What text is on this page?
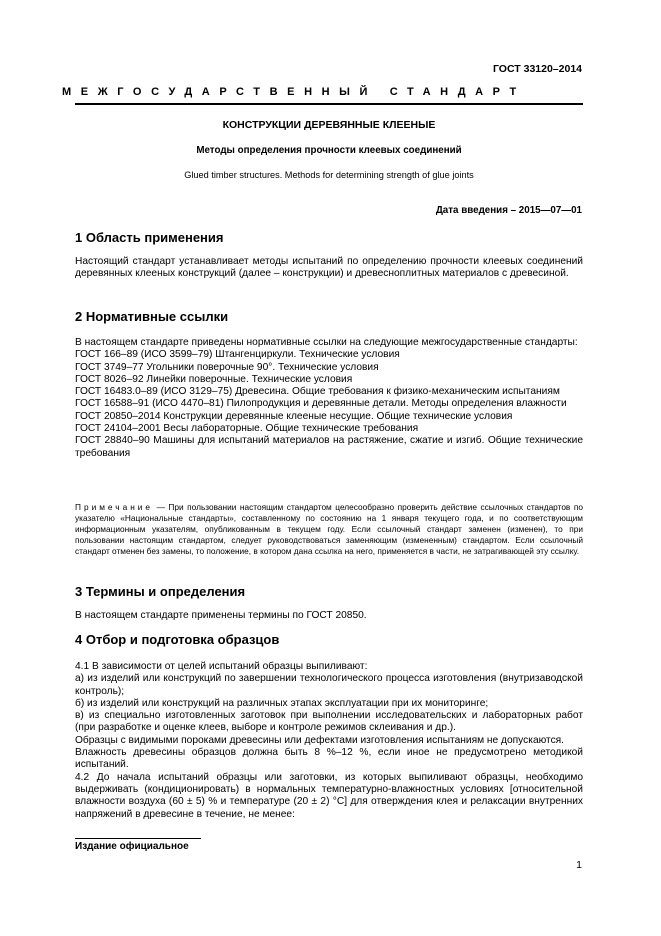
ГОСТ 33120–2014
МЕЖГОСУДАРСТВЕННЫЙ СТАНДАРТ
КОНСТРУКЦИИ ДЕРЕВЯННЫЕ КЛЕЕНЫЕ
Методы определения прочности клеевых соединений
Glued timber structures. Methods for determining strength of glue joints
Дата введения – 2015—07—01
1 Область применения

Настоящий стандарт устанавливает методы испытаний по определению прочности клеевых соединений деревянных клееных конструкций (далее – конструкции) и древесноплитных материалов с древесиной.

2 Нормативные ссылки

В настоящем стандарте приведены нормативные ссылки на следующие межгосударственные стандарты:

ГОСТ 166–89 (ИСО 3599–79) Штангенциркули. Технические условия

ГОСТ 3749–77 Угольники поверочные 90°. Технические условия

ГОСТ 8026–92 Линейки поверочные. Технические условия

ГОСТ 16483.0–89 (ИСО 3129–75) Древесина. Общие требования к физико-механическим испытаниям

ГОСТ 16588–91 (ИСО 4470–81) Пилопродукция и деревянные детали. Методы определения влажности

ГОСТ 20850–2014 Конструкции деревянные клееные несущие. Общие технические условия

ГОСТ 24104–2001 Весы лабораторные. Общие технические требования

ГОСТ 28840–90 Машины для испытаний материалов на растяжение, сжатие и изгиб. Общие технические требования

Примечание — При пользовании настоящим стандартом целесообразно проверить действие ссылочных стандартов по указателю «Национальные стандарты», составленному по состоянию на 1 января текущего года, и по соответствующим информационным указателям, опубликованным в текущем году. Если ссылочный стандарт заменен (изменен), то при пользовании настоящим стандартом, следует руководствоваться заменяющим (измененным) стандартом. Если ссылочный стандарт отменен без замены, то положение, в котором дана ссылка на него, применяется в части, не затрагивающей эту ссылку.
3 Термины и определения

В настоящем стандарте применены термины по ГОСТ 20850.

4 Отбор и подготовка образцов

4.1 В зависимости от целей испытаний образцы выпиливают:

а) из изделий или конструкций по завершении технологического процесса изготовления (внутризаводской контроль);

б) из изделий или конструкций на различных этапах эксплуатации при их мониторинге;

в) из специально изготовленных заготовок при выполнении исследовательских и лабораторных работ (при разработке и оценке клеев, выборе и контроле режимов склеивания и др.).

Образцы с видимыми пороками древесины или дефектами изготовления испытаниям не допускаются.

Влажность древесины образцов должна быть 8 %–12 %, если иное не предусмотрено методикой испытаний.

4.2 До начала испытаний образцы или заготовки, из которых выпиливают образцы, необходимо выдерживать (кондиционировать) в нормальных температурно-влажностных условиях [относительной влажности воздуха (60 ± 5) % и температуре (20 ± 2) °С] для отверждения клея и релаксации внутренних напряжений в древесине в течение, не менее:

Издание официальное
1
